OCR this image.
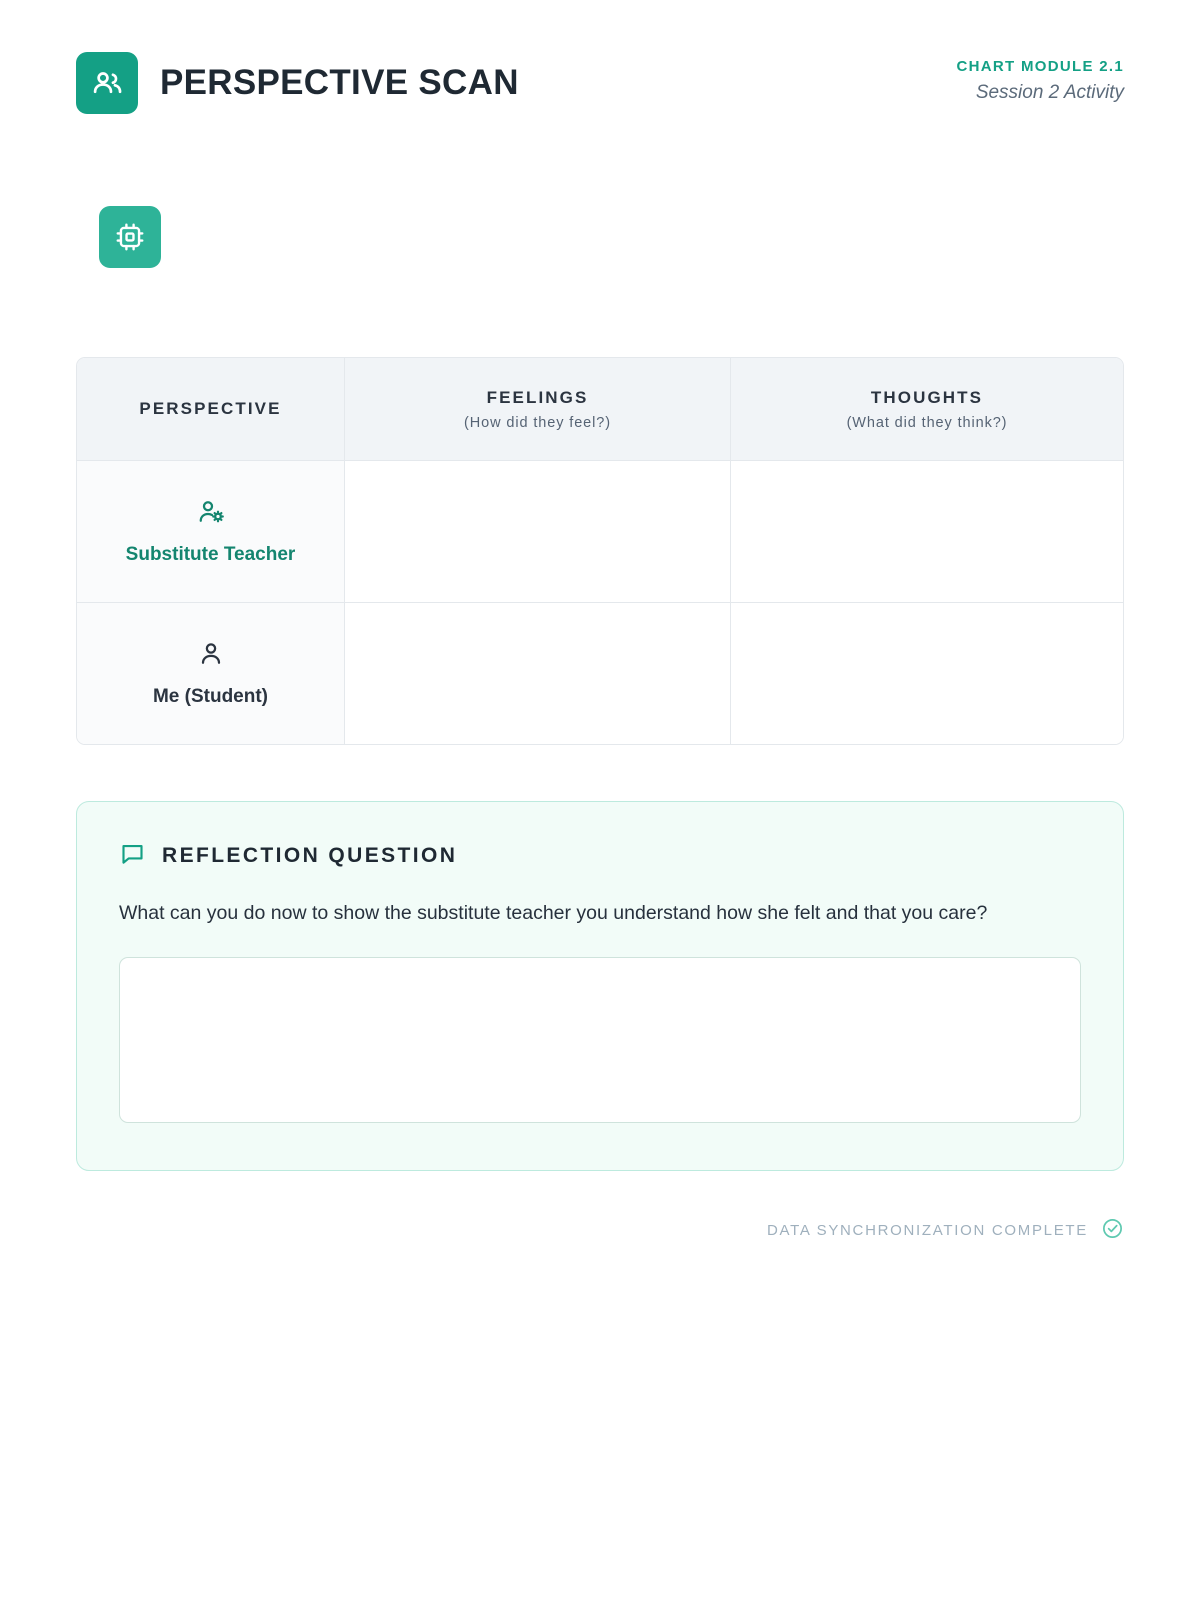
PERSPECTIVE SCAN	CHART MODULE 2.1
Session 2 Activity
PERSPECTIVE
FEELINGS
(How did they feel?)
THOUGHTS
(What did they think?)
Substitute Teacher
Me (Student)
REFLECTION QUESTION
What can you do now to show the substitute teacher you understand how she felt and that you care?
DATA SYNCHRONIZATION COMPLETE
